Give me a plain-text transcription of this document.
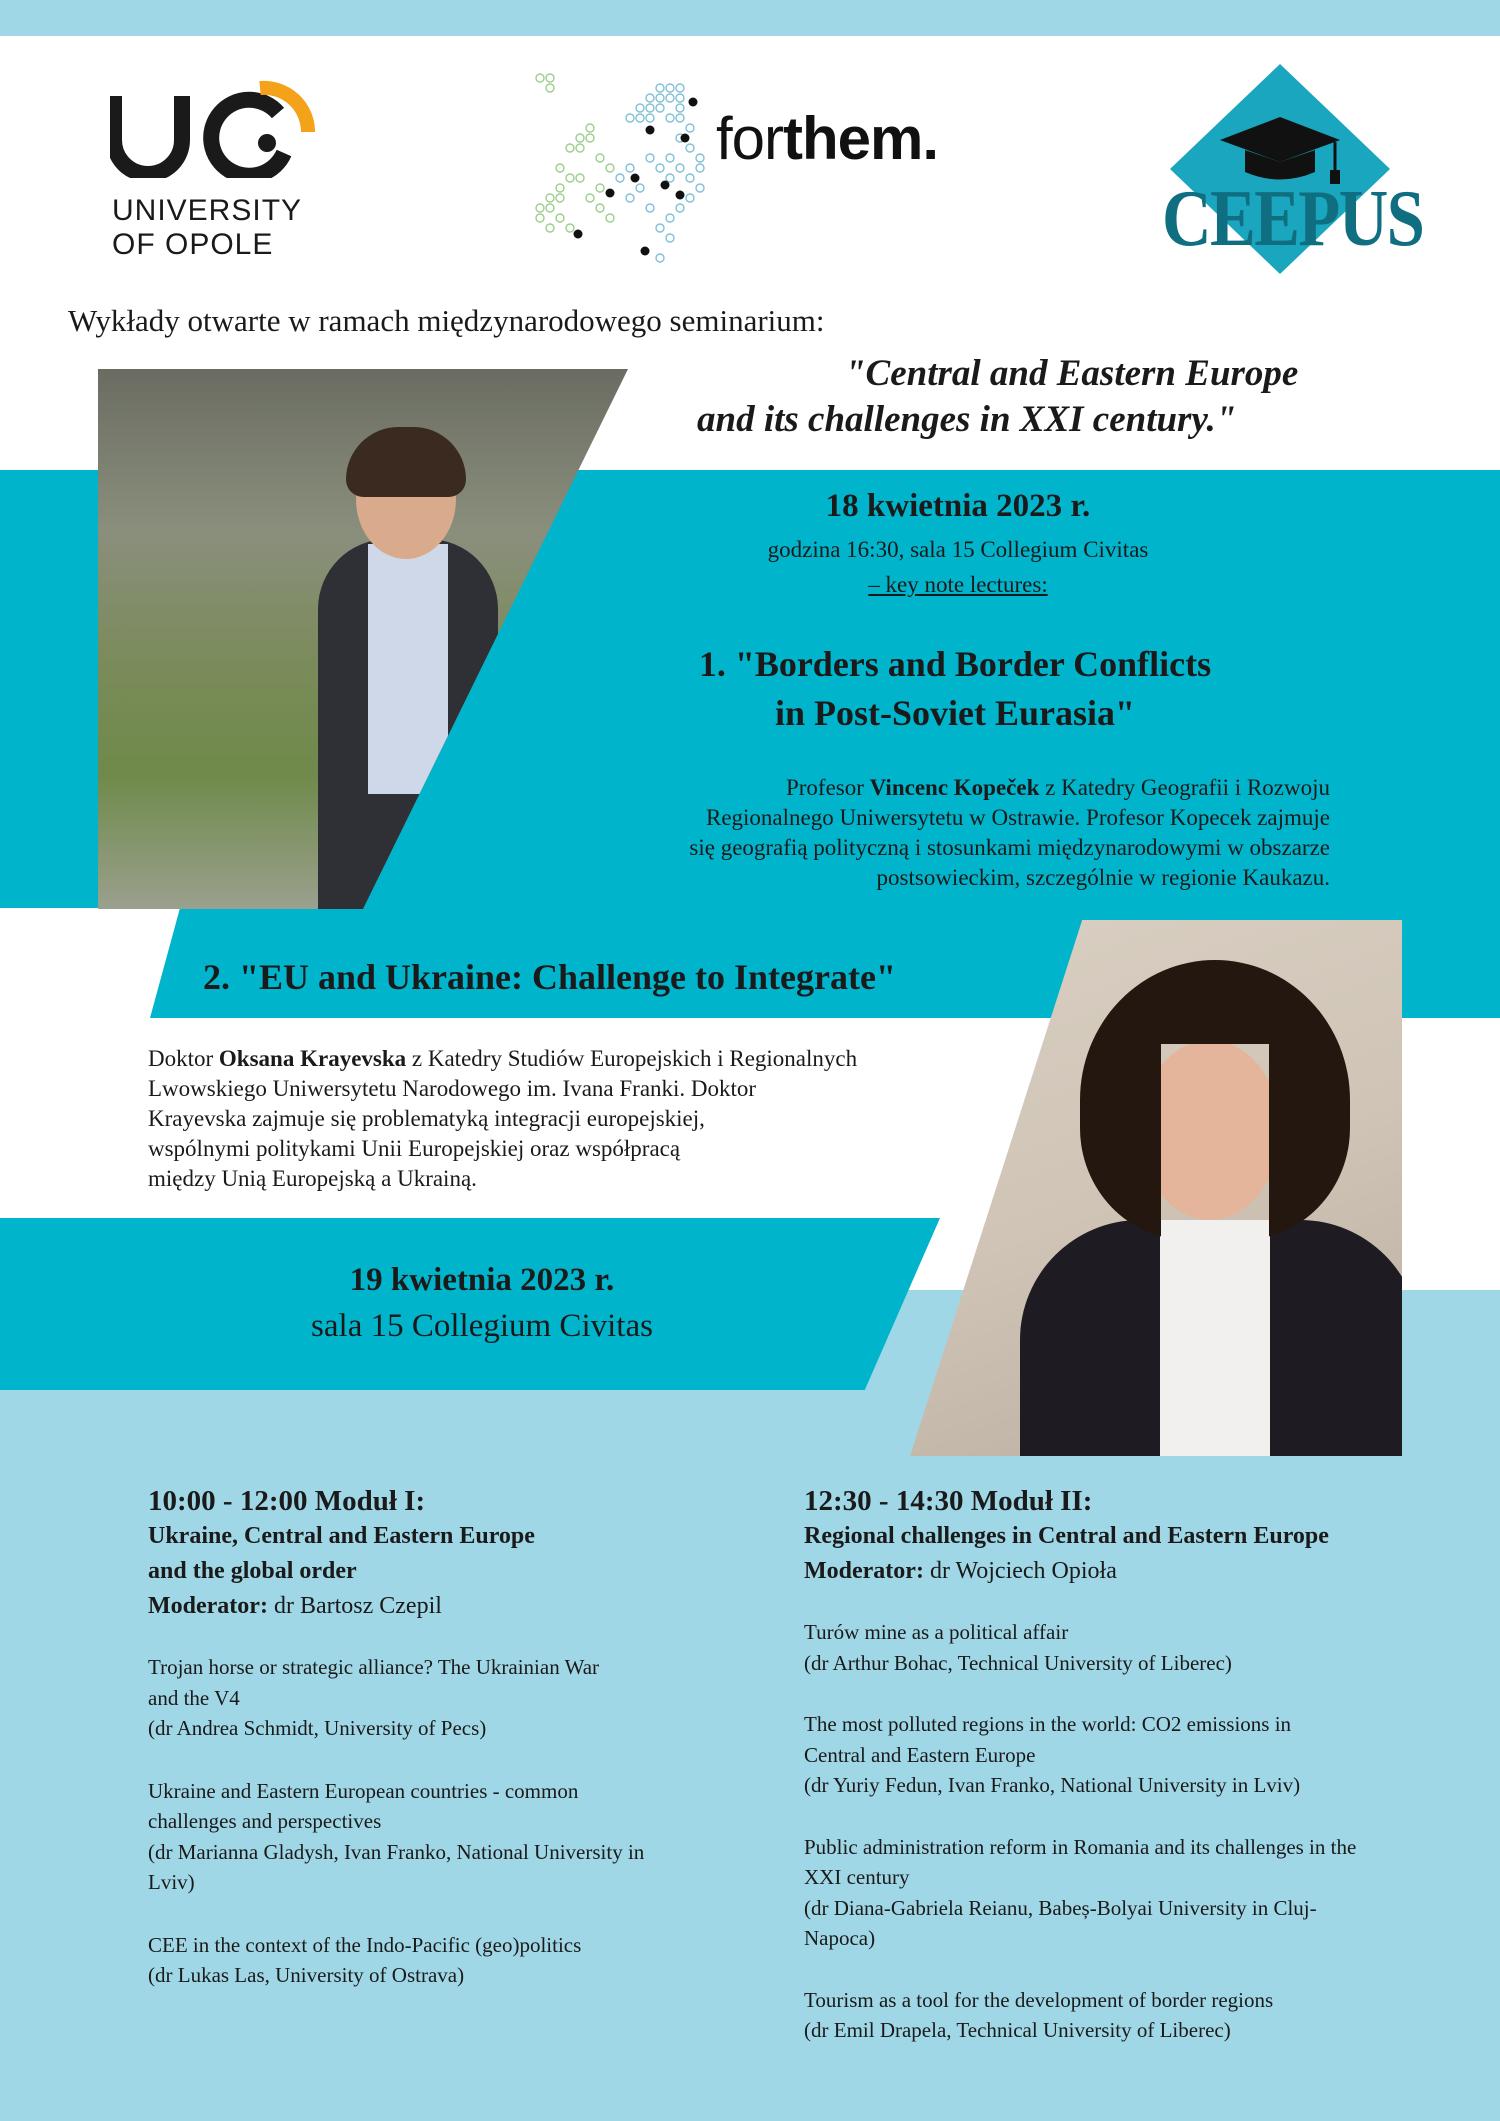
UNIVERSITY
OF OPOLE
forthem.
CEEPUS
Wykłady otwarte w ramach międzynarodowego seminarium:
"Central and Eastern Europe
and its challenges in XXI century."
18 kwietnia 2023 r.
godzina 16:30, sala 15 Collegium Civitas
– key note lectures:
1. "Borders and Border Conflicts
in Post-Soviet Eurasia"
Profesor Vincenc Kopeček z Katedry Geografii i Rozwoju
Regionalnego Uniwersytetu w Ostrawie. Profesor Kopecek zajmuje
się geografią polityczną i stosunkami międzynarodowymi w obszarze
postsowieckim, szczególnie w regionie Kaukazu.
2. "EU and Ukraine: Challenge to Integrate"
Doktor Oksana Krayevska z Katedry Studiów Europejskich i Regionalnych
Lwowskiego Uniwersytetu Narodowego im. Ivana Franki. Doktor
Krayevska zajmuje się problematyką integracji europejskiej,
wspólnymi politykami Unii Europejskiej oraz współpracą
między Unią Europejską a Ukrainą.
19 kwietnia 2023 r.
sala 15 Collegium Civitas
10:00 - 12:00 Moduł I:
Ukraine, Central and Eastern Europe
and the global order
Moderator: dr Bartosz Czepil
Trojan horse or strategic alliance? The Ukrainian War
and the V4
(dr Andrea Schmidt, University of Pecs)
Ukraine and Eastern European countries - common
challenges and perspectives
(dr Marianna Gladysh, Ivan Franko, National University in
Lviv)
CEE in the context of the Indo-Pacific (geo)politics
(dr Lukas Las, University of Ostrava)
12:30 - 14:30 Moduł II:
Regional challenges in Central and Eastern Europe
Moderator: dr Wojciech Opioła
Turów mine as a political affair
(dr Arthur Bohac, Technical University of Liberec)
The most polluted regions in the world: CO2 emissions in
Central and Eastern Europe
(dr Yuriy Fedun, Ivan Franko, National University in Lviv)
Public administration reform in Romania and its challenges in the
XXI century
(dr Diana-Gabriela Reianu, Babeș-Bolyai University in Cluj-
Napoca)
Tourism as a tool for the development of border regions
(dr Emil Drapela, Technical University of Liberec)
